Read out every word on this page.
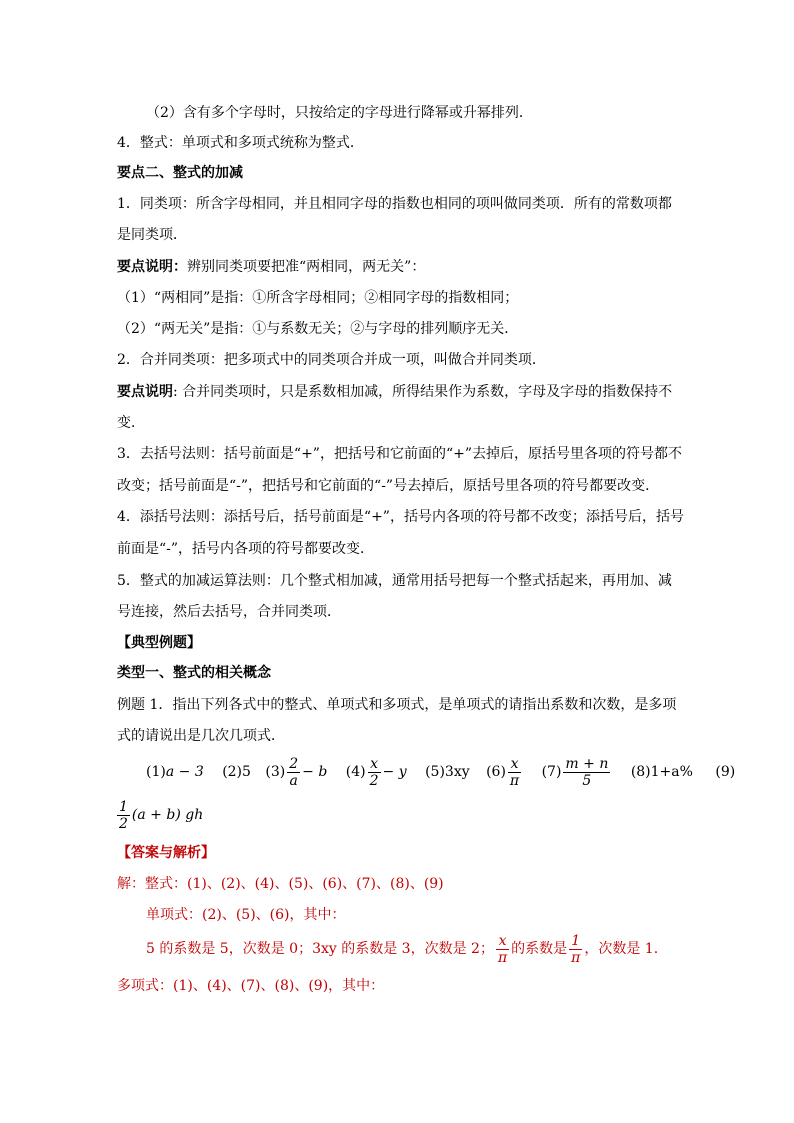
（2）含有多个字母时，只按给定的字母进行降幂或升幂排列．
4．整式：单项式和多项式统称为整式．
要点二、整式的加减
1．同类项：所含字母相同，并且相同字母的指数也相同的项叫做同类项．所有的常数项都
是同类项．
要点说明：辨别同类项要把准“两相同，两无关”：
（1）“两相同”是指：①所含字母相同；②相同字母的指数相同；
（2）“两无关”是指：①与系数无关；②与字母的排列顺序无关．
2．合并同类项：把多项式中的同类项合并成一项，叫做合并同类项．
要点说明: 合并同类项时，只是系数相加减，所得结果作为系数，字母及字母的指数保持不
变．
3．去括号法则：括号前面是“+”，把括号和它前面的“+”去掉后，原括号里各项的符号都不
改变；括号前面是“-”，把括号和它前面的“-”号去掉后，原括号里各项的符号都要改变．
4．添括号法则：添括号后，括号前面是“+”，括号内各项的符号都不改变；添括号后，括号
前面是“-”，括号内各项的符号都要改变．
5．整式的加减运算法则：几个整式相加减，通常用括号把每一个整式括起来，再用加、减
号连接，然后去括号，合并同类项．
【典型例题】
类型一、整式的相关概念
例题 1．指出下列各式中的整式、单项式和多项式，是单项式的请指出系数和次数，是多项
式的请说出是几次几项式．
(1)a − 3 (2)5 $(3) \frac{2}{a} - b$ $(4) \frac{x}{2} - y$ (5)3xy $(6) \frac{x}{\pi} (7) \frac{m + n}{5} (8)1+a\%$ (9)
$\frac{1}{2} (a + b)$ gh
【答案与解析】
解：整式：(1)、(2)、(4)、(5)、(6)、(7)、(8)、(9)
单项式：(2)、(5)、(6)，其中：
5 的系数是 5，次数是 0；3xy 的系数是 3，次数是 2； $\frac{x}{\pi}$ 的系数是 $\frac{1}{\pi}$ ，次数是 1.
多项式：(1)、(4)、(7)、(8)、(9)，其中：
